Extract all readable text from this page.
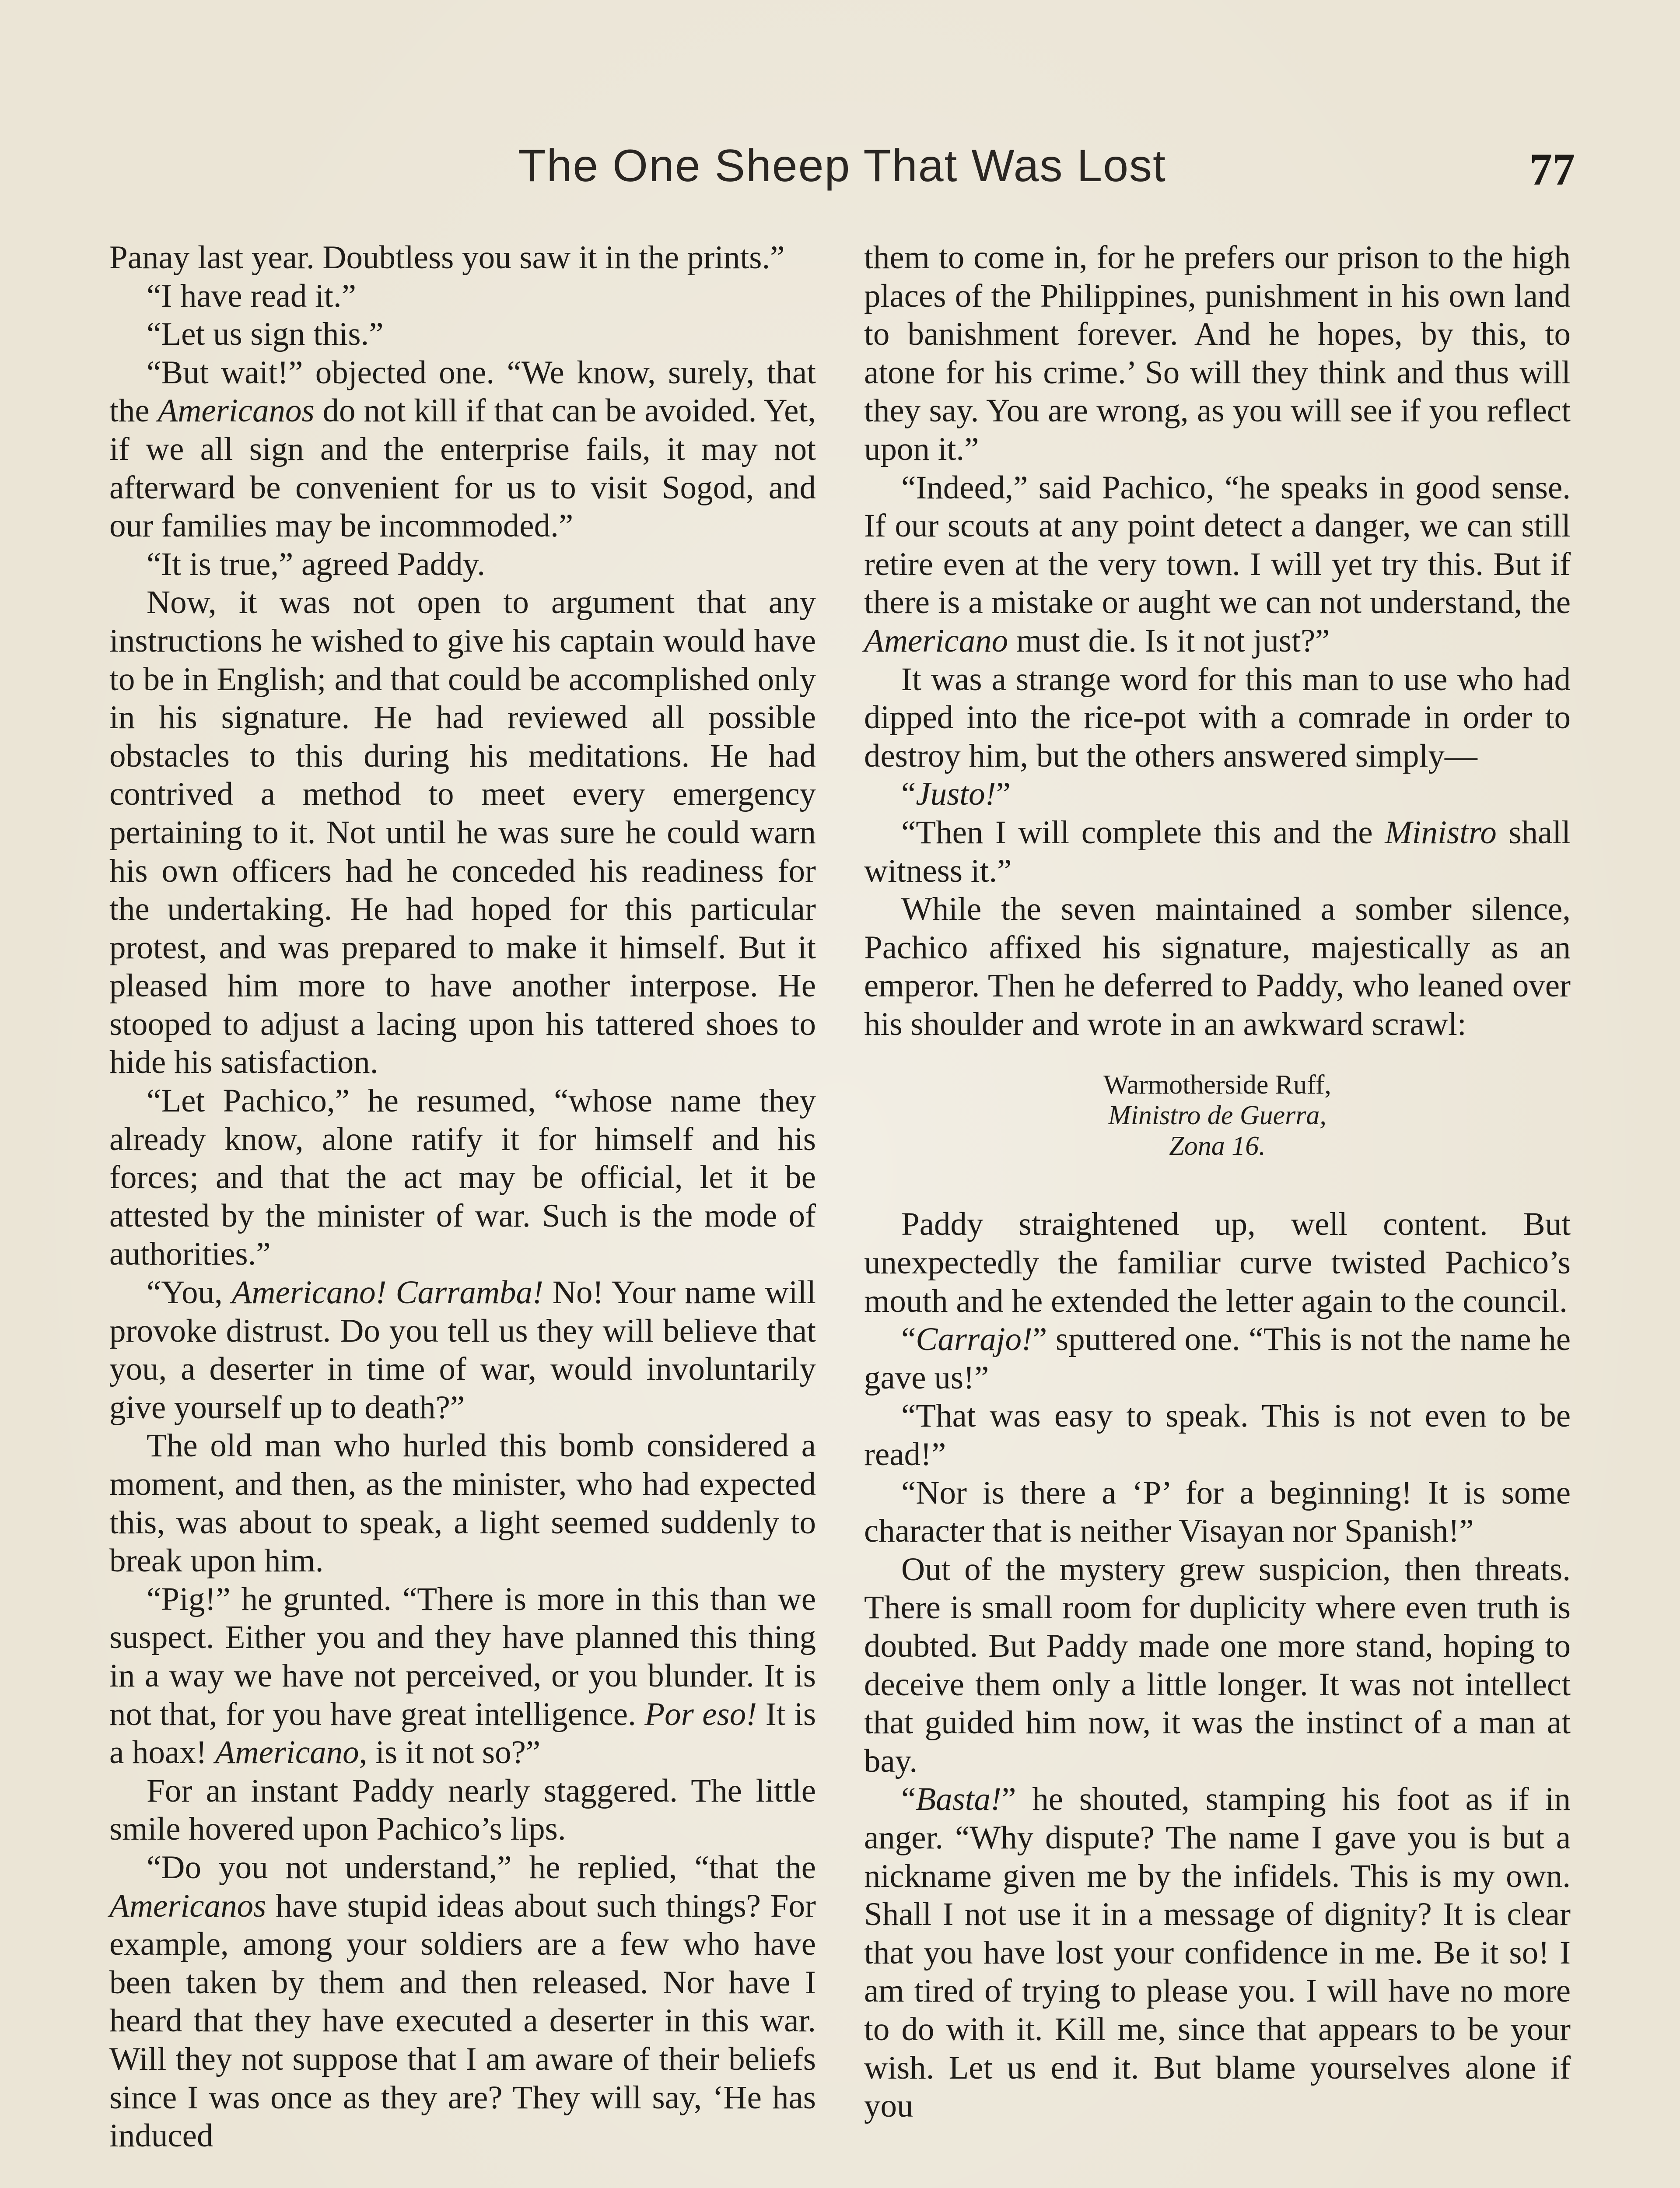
The One Sheep That Was Lost	77

Panay last year. Doubtless you saw it in the prints.”

“I have read it.”

“Let us sign this.”

“But wait!” objected one. “We know, surely, that the Americanos do not kill if that can be avoided. Yet, if we all sign and the enterprise fails, it may not afterward be convenient for us to visit Sogod, and our families may be incommoded.”

“It is true,” agreed Paddy.

Now, it was not open to argument that any instructions he wished to give his captain would have to be in English; and that could be accomplished only in his signature. He had reviewed all possible obstacles to this during his meditations. He had contrived a method to meet every emergency pertaining to it. Not until he was sure he could warn his own officers had he conceded his readiness for the undertaking. He had hoped for this particular protest, and was prepared to make it himself. But it pleased him more to have another interpose. He stooped to adjust a lacing upon his tattered shoes to hide his satisfaction.

“Let Pachico,” he resumed, “whose name they already know, alone ratify it for himself and his forces; and that the act may be official, let it be attested by the minister of war. Such is the mode of authorities.”

“You, Americano! Carramba! No! Your name will provoke distrust. Do you tell us they will believe that you, a deserter in time of war, would involuntarily give yourself up to death?”

The old man who hurled this bomb considered a moment, and then, as the minister, who had expected this, was about to speak, a light seemed suddenly to break upon him.

“Pig!” he grunted. “There is more in this than we suspect. Either you and they have planned this thing in a way we have not perceived, or you blunder. It is not that, for you have great intelligence. Por eso! It is a hoax! Americano, is it not so?”

For an instant Paddy nearly staggered. The little smile hovered upon Pachico’s lips.

“Do you not understand,” he replied, “that the Americanos have stupid ideas about such things? For example, among your soldiers are a few who have been taken by them and then released. Nor have I heard that they have executed a deserter in this war. Will they not suppose that I am aware of their beliefs since I was once as they are? They will say, ‘He has induced

them to come in, for he prefers our prison to the high places of the Philippines, punishment in his own land to banishment forever. And he hopes, by this, to atone for his crime.’ So will they think and thus will they say. You are wrong, as you will see if you reflect upon it.”

“Indeed,” said Pachico, “he speaks in good sense. If our scouts at any point detect a danger, we can still retire even at the very town. I will yet try this. But if there is a mistake or aught we can not understand, the Americano must die. Is it not just?”

It was a strange word for this man to use who had dipped into the rice-pot with a comrade in order to destroy him, but the others answered simply—

“Justo!”

“Then I will complete this and the Ministro shall witness it.”

While the seven maintained a somber silence, Pachico affixed his signature, majestically as an emperor. Then he deferred to Paddy, who leaned over his shoulder and wrote in an awkward scrawl:

Warmotherside Ruff,
Ministro de Guerra,
Zona 16.

Paddy straightened up, well content. But unexpectedly the familiar curve twisted Pachico’s mouth and he extended the letter again to the council.

“Carrajo!” sputtered one. “This is not the name he gave us!”

“That was easy to speak. This is not even to be read!”

“Nor is there a ‘P’ for a beginning! It is some character that is neither Visayan nor Spanish!”

Out of the mystery grew suspicion, then threats. There is small room for duplicity where even truth is doubted. But Paddy made one more stand, hoping to deceive them only a little longer. It was not intellect that guided him now, it was the instinct of a man at bay.

“Basta!” he shouted, stamping his foot as if in anger. “Why dispute? The name I gave you is but a nickname given me by the infidels. This is my own. Shall I not use it in a message of dignity? It is clear that you have lost your confidence in me. Be it so! I am tired of trying to please you. I will have no more to do with it. Kill me, since that appears to be your wish. Let us end it. But blame yourselves alone if you
